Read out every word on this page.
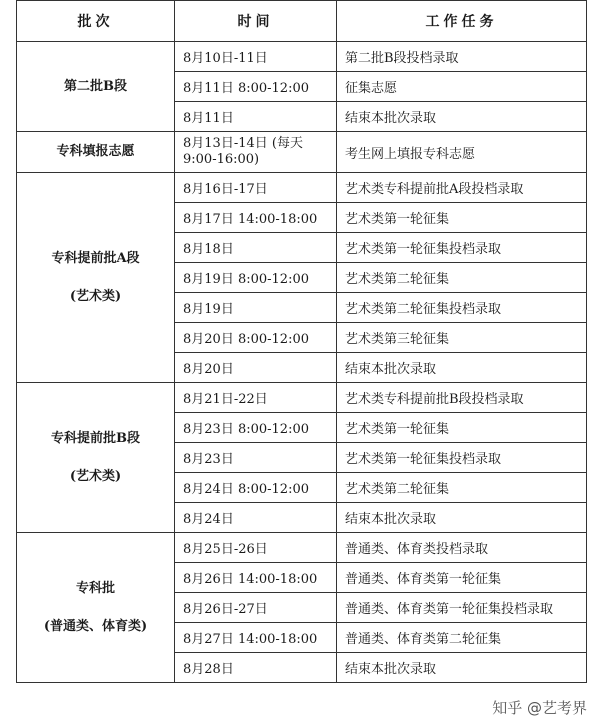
批次	时间	工作任务

第二批B段	8月10日-11日	第二批B段投档录取
	8月11日 8:00-12:00	征集志愿
	8月11日	结束本批次录取

专科填报志愿	8月13日-14日 (每天 9:00-16:00)	考生网上填报专科志愿

专科提前批A段
(艺术类)	8月16日-17日	艺术类专科提前批A段投档录取
	8月17日 14:00-18:00	艺术类第一轮征集
	8月18日	艺术类第一轮征集投档录取
	8月19日 8:00-12:00	艺术类第二轮征集
	8月19日	艺术类第二轮征集投档录取
	8月20日 8:00-12:00	艺术类第三轮征集
	8月20日	结束本批次录取

专科提前批B段
(艺术类)	8月21日-22日	艺术类专科提前批B段投档录取
	8月23日 8:00-12:00	艺术类第一轮征集
	8月23日	艺术类第一轮征集投档录取
	8月24日 8:00-12:00	艺术类第二轮征集
	8月24日	结束本批次录取

专科批
(普通类、体育类)	8月25日-26日	普通类、体育类投档录取
	8月26日 14:00-18:00	普通类、体育类第一轮征集
	8月26日-27日	普通类、体育类第一轮征集投档录取
	8月27日 14:00-18:00	普通类、体育类第二轮征集
	8月28日	结束本批次录取
知乎 @艺考界
